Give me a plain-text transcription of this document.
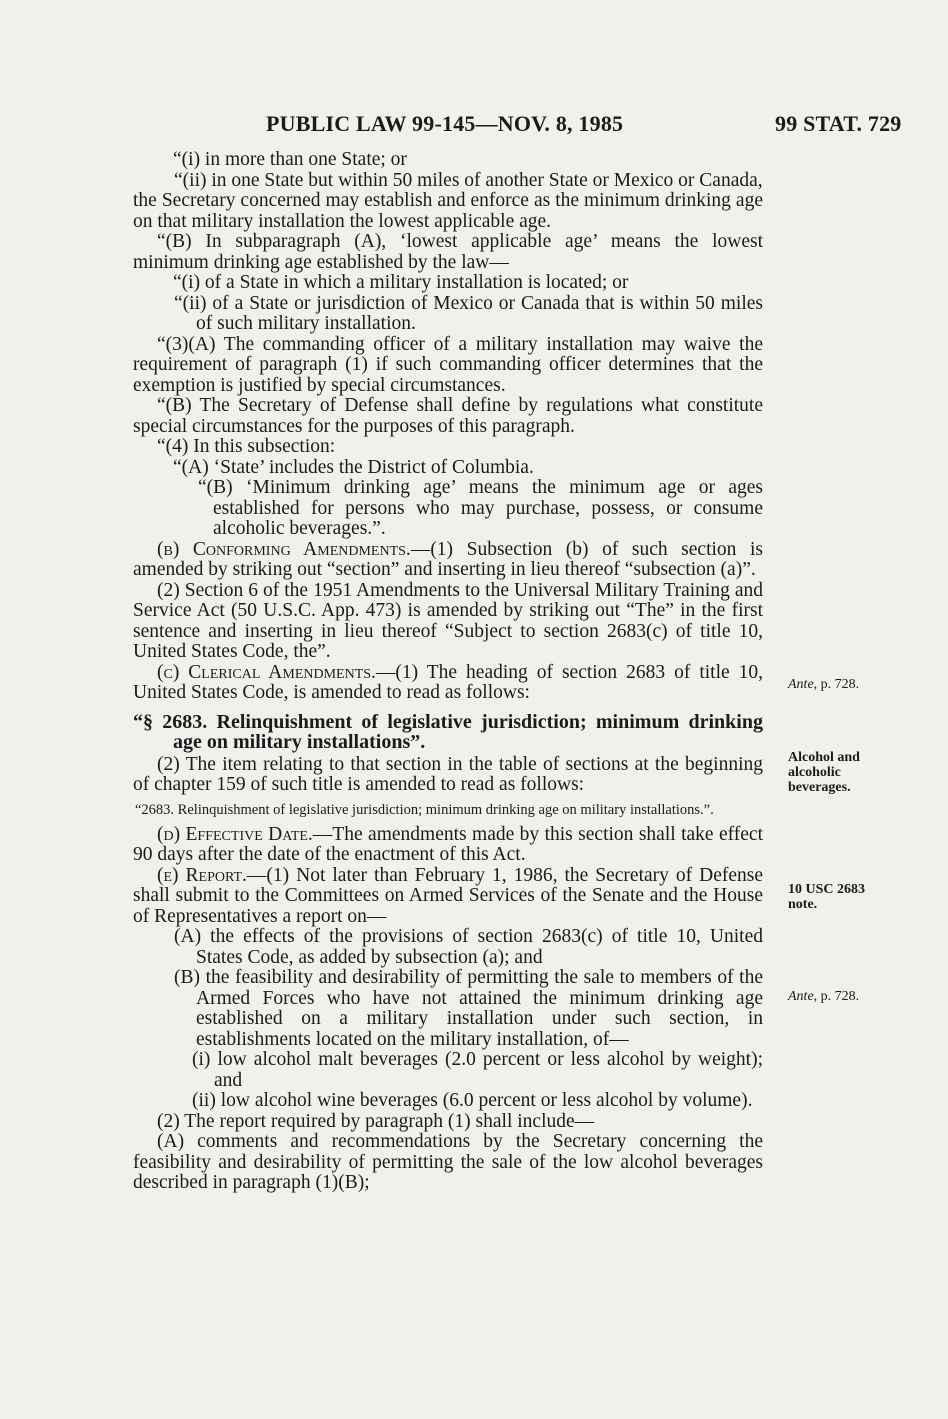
PUBLIC LAW 99-145—NOV. 8, 1985	99 STAT. 729

“(i) in more than one State; or

“(ii) in one State but within 50 miles of another State or Mexico or Canada,

the Secretary concerned may establish and enforce as the minimum drinking age on that military installation the lowest applicable age.

“(B) In subparagraph (A), ‘lowest applicable age’ means the lowest minimum drinking age established by the law—

“(i) of a State in which a military installation is located; or

“(ii) of a State or jurisdiction of Mexico or Canada that is within 50 miles of such military installation.

“(3)(A) The commanding officer of a military installation may waive the requirement of paragraph (1) if such commanding officer determines that the exemption is justified by special circumstances.

“(B) The Secretary of Defense shall define by regulations what constitute special circumstances for the purposes of this paragraph.

“(4) In this subsection:

“(A) ‘State’ includes the District of Columbia.

“(B) ‘Minimum drinking age’ means the minimum age or ages established for persons who may purchase, possess, or consume alcoholic beverages.”.

(b) Conforming Amendments.—(1) Subsection (b) of such section is amended by striking out “section” and inserting in lieu thereof “subsection (a)”.

(2) Section 6 of the 1951 Amendments to the Universal Military Training and Service Act (50 U.S.C. App. 473) is amended by striking out “The” in the first sentence and inserting in lieu thereof “Subject to section 2683(c) of title 10, United States Code, the”.

(c) Clerical Amendments.—(1) The heading of section 2683 of title 10, United States Code, is amended to read as follows:

“§ 2683. Relinquishment of legislative jurisdiction; minimum drinking age on military installations”.

(2) The item relating to that section in the table of sections at the beginning of chapter 159 of such title is amended to read as follows:

“2683. Relinquishment of legislative jurisdiction; minimum drinking age on military installations.”.

(d) Effective Date.—The amendments made by this section shall take effect 90 days after the date of the enactment of this Act.

(e) Report.—(1) Not later than February 1, 1986, the Secretary of Defense shall submit to the Committees on Armed Services of the Senate and the House of Representatives a report on—

(A) the effects of the provisions of section 2683(c) of title 10, United States Code, as added by subsection (a); and

(B) the feasibility and desirability of permitting the sale to members of the Armed Forces who have not attained the minimum drinking age established on a military installation under such section, in establishments located on the military installation, of—

(i) low alcohol malt beverages (2.0 percent or less alcohol by weight); and

(ii) low alcohol wine beverages (6.0 percent or less alcohol by volume).

(2) The report required by paragraph (1) shall include—

(A) comments and recommendations by the Secretary concerning the feasibility and desirability of permitting the sale of the low alcohol beverages described in paragraph (1)(B);

Ante, p. 728.
Alcohol and
alcoholic
beverages.
10 USC 2683
note.
Ante, p. 728.
